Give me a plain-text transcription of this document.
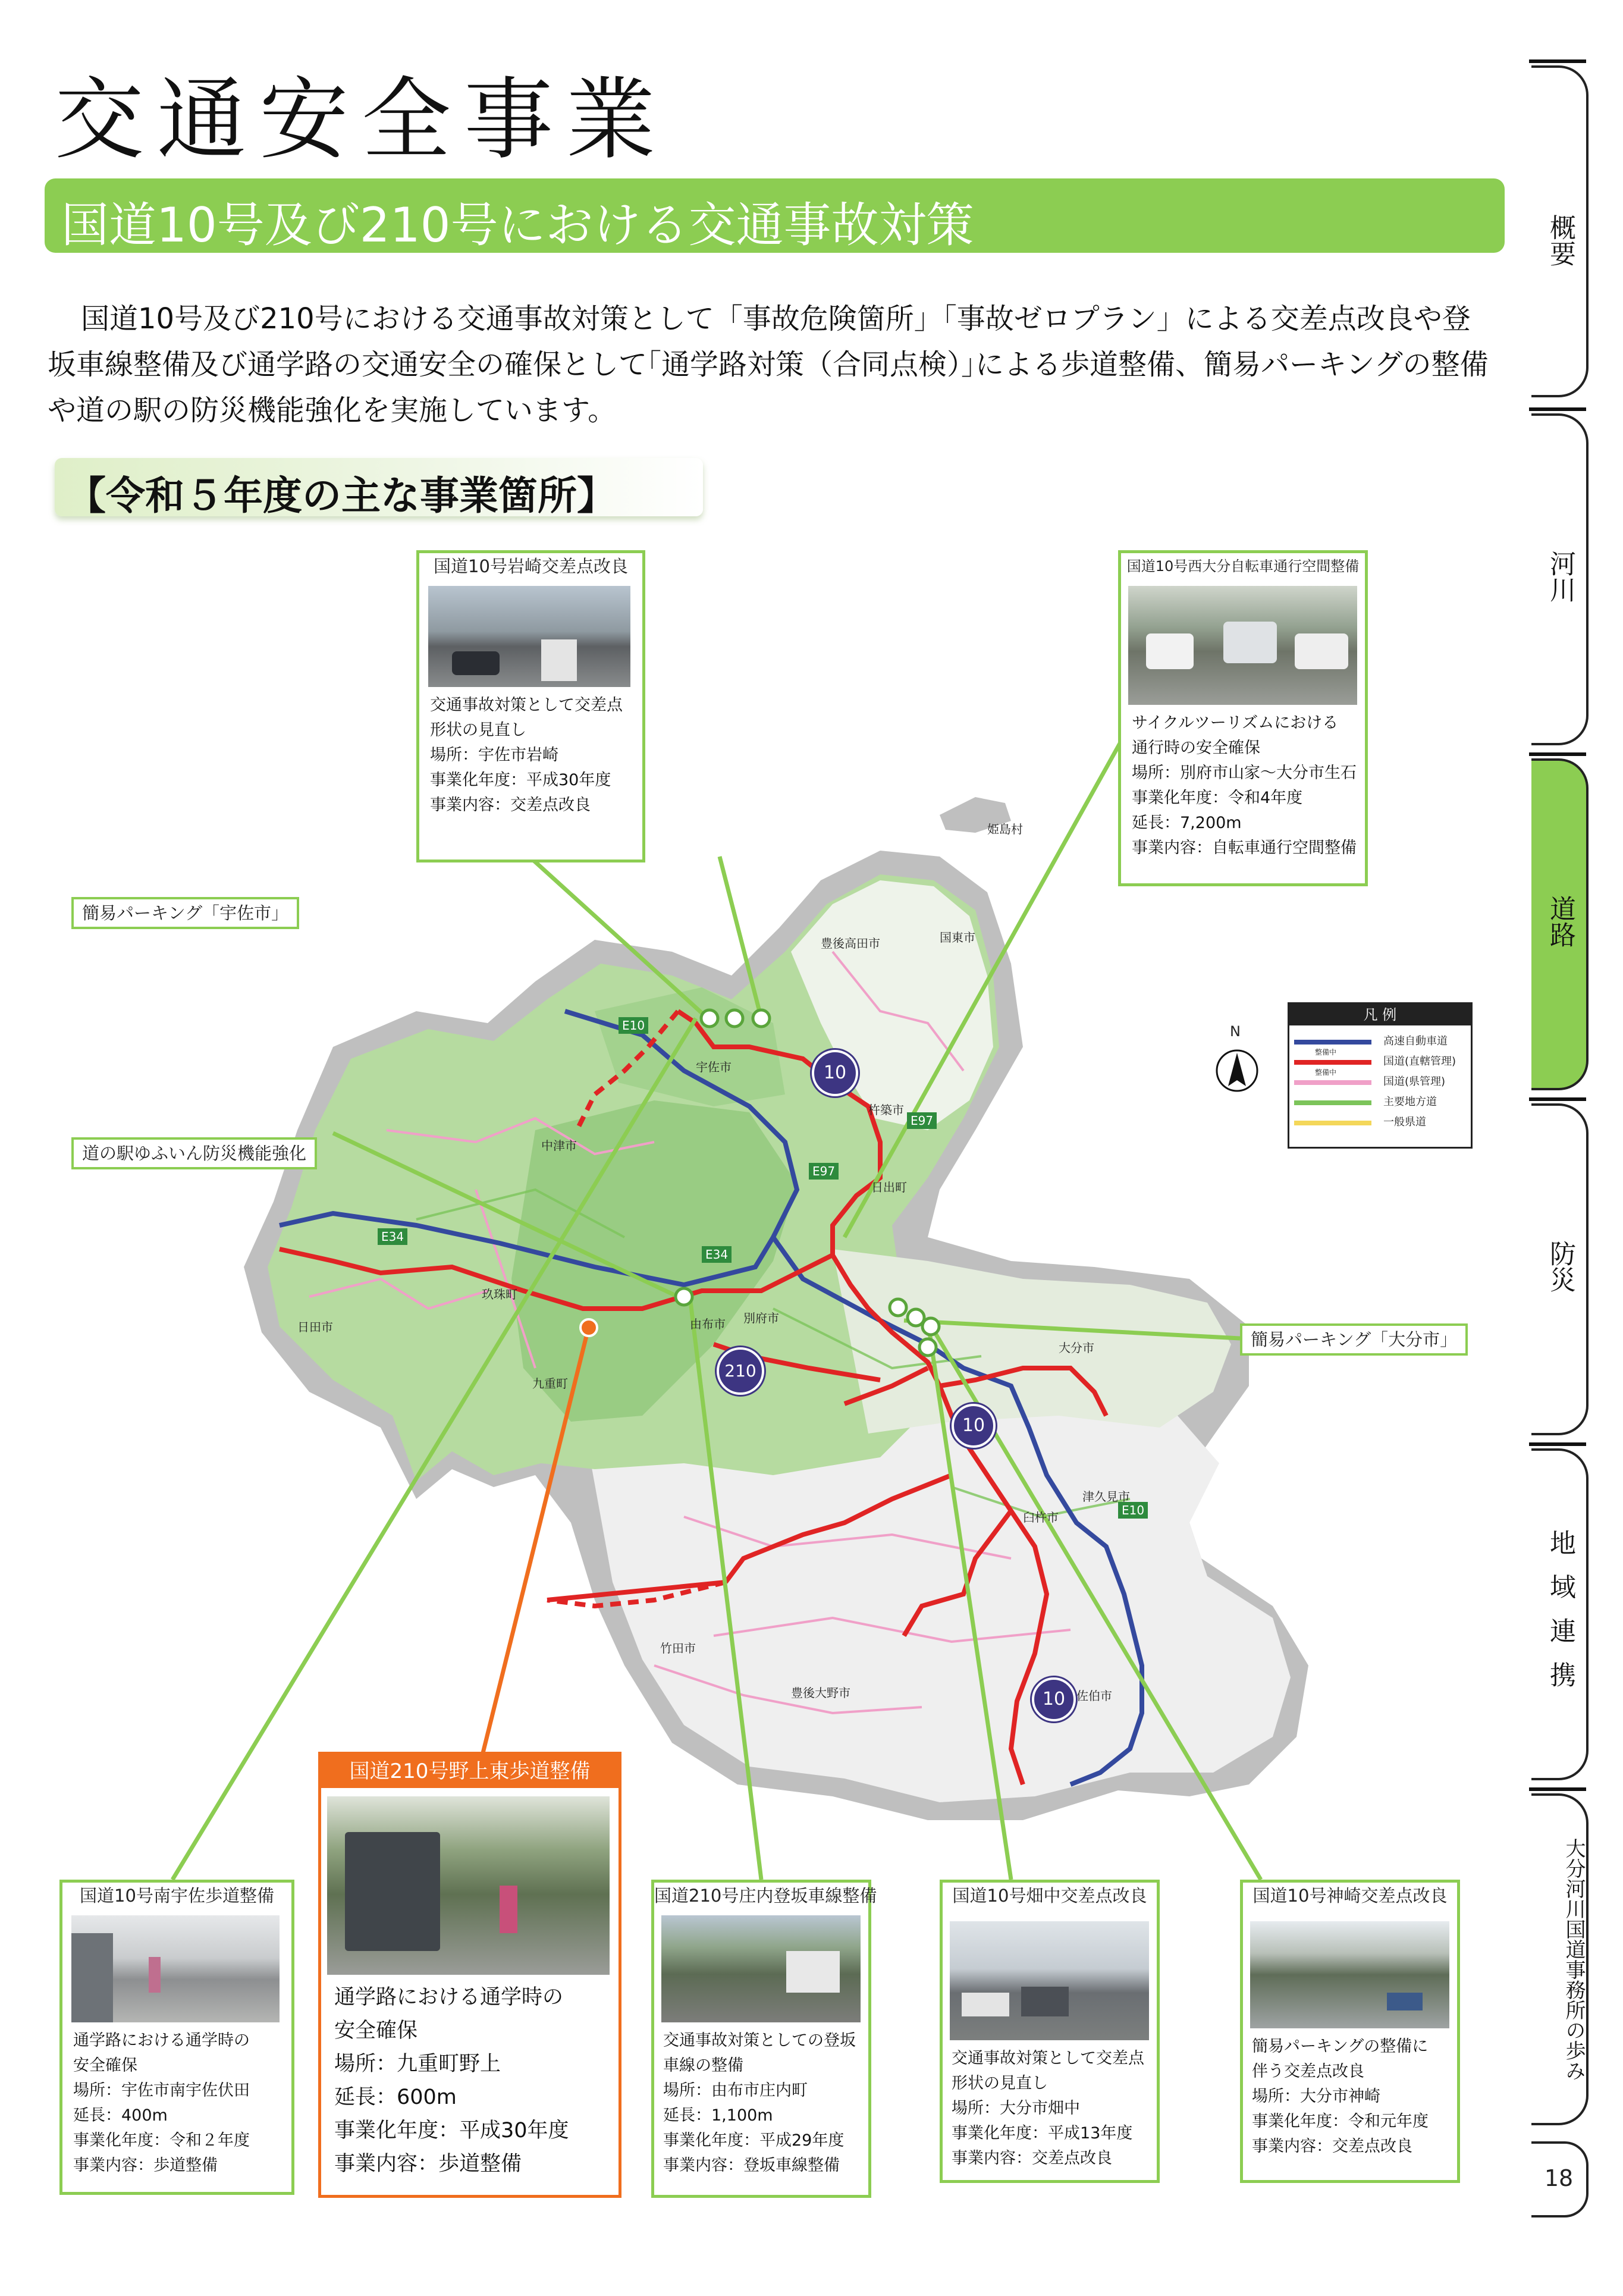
交通安全事業
国道10号及び210号における交通事故対策

国道10号及び210号における交通事故対策として「事故危険箇所」「事故ゼロプラン」による交差点改良や登坂車線整備及び通学路の交通安全の確保として｢通学路対策（合同点検）｣による歩道整備、簡易パーキングの整備や道の駅の防災機能強化を実施しています。

【令和５年度の主な事業箇所】
概要
河川
道路
防災
地域連携
大分河川国道事務所の歩み
18
N
10
210
10
10
E10
E97
E97
E34
E34
E10
姫島村
豊後高田市	国東市
宇佐市
杵築市
中津市
日出町
玖珠町
由布市 別府市
日田市
九重町
大分市
津久見市
臼杵市
竹田市
豊後大野市	佐伯市
凡 例
高速自動車道
国道(直轄管理)
整備中
国道(県管理)
整備中
主要地方道
一般県道
簡易パーキング「宇佐市」
道の駅ゆふいん防災機能強化
簡易パーキング「大分市」
国道10号岩崎交差点改良
交通事故対策として交差点
形状の見直し
場所：宇佐市岩崎
事業化年度：平成30年度
事業内容：交差点改良
国道10号西大分自転車通行空間整備
サイクルツーリズムにおける
通行時の安全確保
場所：別府市山家～大分市生石
事業化年度：令和4年度
延長：7,200m
事業内容：自転車通行空間整備
国道10号南宇佐歩道整備
通学路における通学時の
安全確保
場所：宇佐市南宇佐伏田
延長：400m
事業化年度：令和２年度
事業内容：歩道整備
国道210号野上東歩道整備
通学路における通学時の
安全確保
場所：九重町野上
延長：600m
事業化年度：平成30年度
事業内容：歩道整備
国道210号庄内登坂車線整備
交通事故対策としての登坂
車線の整備
場所：由布市庄内町
延長：1,100m
事業化年度：平成29年度
事業内容：登坂車線整備
国道10号畑中交差点改良
交通事故対策として交差点
形状の見直し
場所：大分市畑中
事業化年度：平成13年度
事業内容：交差点改良
国道10号神崎交差点改良
簡易パーキングの整備に
伴う交差点改良
場所：大分市神崎
事業化年度：令和元年度
事業内容：交差点改良
